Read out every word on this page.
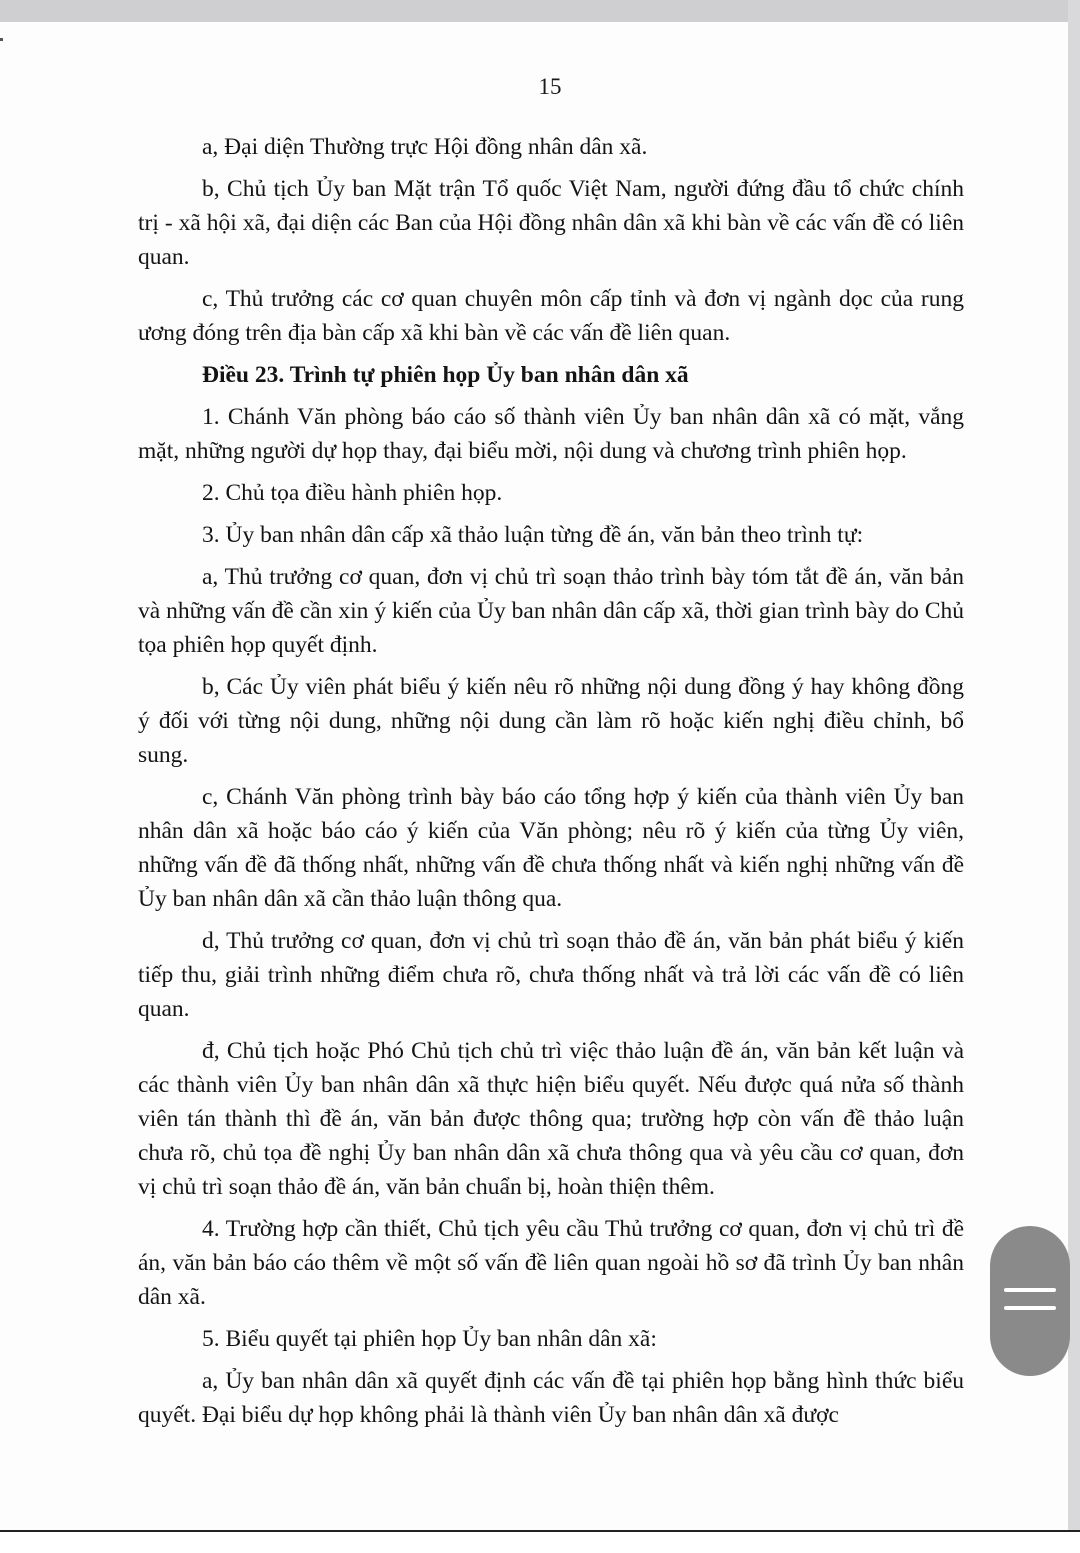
15

a, Đại diện Thường trực Hội đồng nhân dân xã.

b, Chủ tịch Ủy ban Mặt trận Tổ quốc Việt Nam, người đứng đầu tổ chức chính trị - xã hội xã, đại diện các Ban của Hội đồng nhân dân xã khi bàn về các vấn đề có liên quan.

c, Thủ trưởng các cơ quan chuyên môn cấp tỉnh và đơn vị ngành dọc của rung ương đóng trên địa bàn cấp xã khi bàn về các vấn đề liên quan.

Điều 23. Trình tự phiên họp Ủy ban nhân dân xã

1. Chánh Văn phòng báo cáo số thành viên Ủy ban nhân dân xã có mặt, vắng mặt, những người dự họp thay, đại biểu mời, nội dung và chương trình phiên họp.

2. Chủ tọa điều hành phiên họp.

3. Ủy ban nhân dân cấp xã thảo luận từng đề án, văn bản theo trình tự:

a, Thủ trưởng cơ quan, đơn vị chủ trì soạn thảo trình bày tóm tắt đề án, văn bản và những vấn đề cần xin ý kiến của Ủy ban nhân dân cấp xã, thời gian trình bày do Chủ tọa phiên họp quyết định.

b, Các Ủy viên phát biểu ý kiến nêu rõ những nội dung đồng ý hay không đồng ý đối với từng nội dung, những nội dung cần làm rõ hoặc kiến nghị điều chỉnh, bổ sung.

c, Chánh Văn phòng trình bày báo cáo tổng hợp ý kiến của thành viên Ủy ban nhân dân xã hoặc báo cáo ý kiến của Văn phòng; nêu rõ ý kiến của từng Ủy viên, những vấn đề đã thống nhất, những vấn đề chưa thống nhất và kiến nghị những vấn đề Ủy ban nhân dân xã cần thảo luận thông qua.

d, Thủ trưởng cơ quan, đơn vị chủ trì soạn thảo đề án, văn bản phát biểu ý kiến tiếp thu, giải trình những điểm chưa rõ, chưa thống nhất và trả lời các vấn đề có liên quan.

đ, Chủ tịch hoặc Phó Chủ tịch chủ trì việc thảo luận đề án, văn bản kết luận và các thành viên Ủy ban nhân dân xã thực hiện biểu quyết. Nếu được quá nửa số thành viên tán thành thì đề án, văn bản được thông qua; trường hợp còn vấn đề thảo luận chưa rõ, chủ tọa đề nghị Ủy ban nhân dân xã chưa thông qua và yêu cầu cơ quan, đơn vị chủ trì soạn thảo đề án, văn bản chuẩn bị, hoàn thiện thêm.

4. Trường hợp cần thiết, Chủ tịch yêu cầu Thủ trưởng cơ quan, đơn vị chủ trì đề án, văn bản báo cáo thêm về một số vấn đề liên quan ngoài hồ sơ đã trình Ủy ban nhân dân xã.

5. Biểu quyết tại phiên họp Ủy ban nhân dân xã:

a, Ủy ban nhân dân xã quyết định các vấn đề tại phiên họp bằng hình thức biểu quyết. Đại biểu dự họp không phải là thành viên Ủy ban nhân dân xã được
